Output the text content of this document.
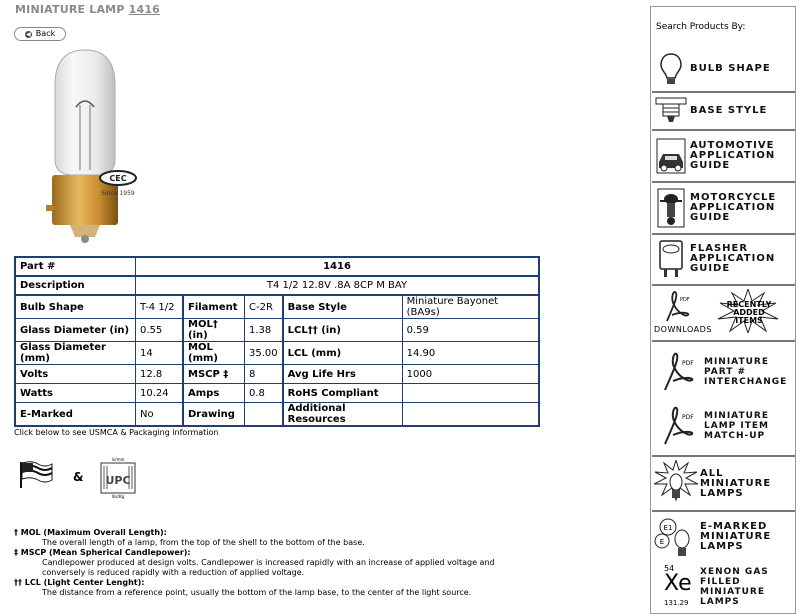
MINIATURE LAMP 1416
◀ Back
CEC
Since 1959
Part #	1416				
Description	T4 1/2 12.8V .8A 8CP M BAY				
Bulb Shape	T-4 1/2	Filament	C-2R	Base Style	Miniature Bayonet (BA9s)
Glass Diameter (in)	0.55	MOL† (in)	1.38	LCL†† (in)	0.59
Glass Diameter (mm)	14	MOL (mm)	35.00	LCL (mm)	14.90
Volts	12.8	MSCP ‡	8	Avg Life Hrs	1000
Watts	10.24	Amps	0.8	RoHS Compliant	
E-Marked	No	Drawing		Additional Resources	
Click below to see USMCA & Packaging information
&
in/mm
UPC
lbs/Kg
† MOL (Maximum Overall Length):
The overall length of a lamp, from the top of the shell to the bottom of the base.
‡ MSCP (Mean Spherical Candlepower):
Candlepower produced at design volts. Candlepower is increased rapidly with an increase of applied voltage and conversely is reduced rapidly with a reduction of applied voltage.
†† LCL (Light Center Lenght):
The distance from a reference point, usually the bottom of the lamp base, to the center of the light source.
Search Products By:
BULB SHAPE
BASE STYLE
AUTOMOTIVE
APPLICATION
GUIDE
MOTORCYCLE
APPLICATION
GUIDE
FLASHER
APPLICATION
GUIDE
PDF
DOWNLOADS
RECENTLY ADDED ITEMS
PDF MINIATURE
PART #
INTERCHANGE
PDF MINIATURE
LAMP ITEM
MATCH-UP
ALL
MINIATURE
LAMPS
E1
E
E-MARKED
MINIATURE
LAMPS
54
Xe
131.29
XENON GAS
FILLED
MINIATURE
LAMPS
